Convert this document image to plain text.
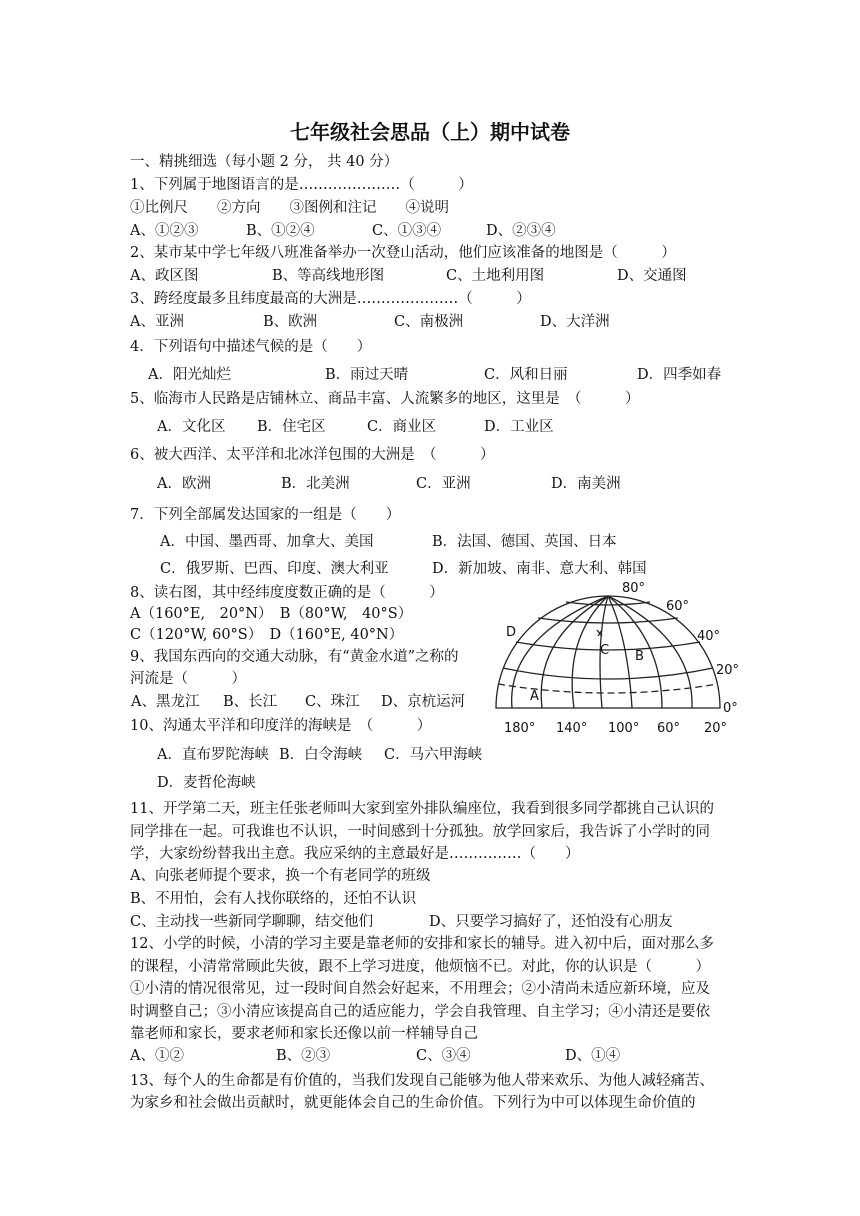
七年级社会思品（上）期中试卷
一、精挑细选（每小题 2 分， 共 40 分）
1、下列属于地图语言的是…………………（　　　）
①比例尺　　②方向　　③图例和注记　　④说明
A、①②③	B、①②④	C、①③④	D、②③④
2、某市某中学七年级八班准备举办一次登山活动，他们应该准备的地图是（　　　）
A、政区图	B、等高线地形图	C、土地利用图	D、交通图
3、跨经度最多且纬度最高的大洲是…………………（　　　）
A、亚洲	B、欧洲	C、南极洲	D、大洋洲
4．下列语句中描述气候的是（　　）
A．阳光灿烂	B．雨过天晴	C．风和日丽	D．四季如春
5、临海市人民路是店铺林立、商品丰富、人流繁多的地区，这里是　（　　　）
A．文化区 B．住宅区	C．商业区	D．工业区
6、被大西洋、太平洋和北冰洋包围的大洲是　（　　　）
A．欧洲	B．北美洲	C．亚洲	D．南美洲
7．下列全部属发达国家的一组是（　　）
A．中国、墨西哥、加拿大、美国	B．法国、德国、英国、日本
C．俄罗斯、巴西、印度、澳大利亚	D．新加坡、南非、意大利、韩国
8、读右图，其中经纬度度数正确的是（　　　）
A（160°E,　20°N）　B（80°W,　40°S）
C（120°W, 60°S）　D（160°E, 40°N）
9、我国东西向的交通大动脉，有“黄金水道”之称的
河流是（　　　）
A、黑龙江 B、长江 C、珠江 D、京杭运河
10、沟通太平洋和印度洋的海峡是　（　　　）
A．直布罗陀海峡 B．白令海峡 C．马六甲海峡
D．麦哲伦海峡
11、开学第二天，班主任张老师叫大家到室外排队编座位，我看到很多同学都挑自己认识的
同学排在一起。可我谁也不认识，一时间感到十分孤独。放学回家后，我告诉了小学时的同
学，大家纷纷替我出主意。我应采纳的主意最好是……………（　　）
A、向张老师提个要求，换一个有老同学的班级
B、不用怕，会有人找你联络的，还怕不认识
C、主动找一些新同学聊聊，结交他们	D、只要学习搞好了，还怕没有心朋友
12、小学的时候，小清的学习主要是靠老师的安排和家长的辅导。进入初中后，面对那么多
的课程，小清常常顾此失彼，跟不上学习进度，他烦恼不已。对此，你的认识是（　　　）
①小清的情况很常见，过一段时间自然会好起来，不用理会；②小清尚未适应新环境，应及
时调整自己；③小清应该提高自己的适应能力，学会自我管理、自主学习；④小清还是要依
靠老师和家长，要求老师和家长还像以前一样辅导自己
A、①②	B、②③	C、③④	D、①④
13、每个人的生命都是有价值的，当我们发现自己能够为他人带来欢乐、为他人减轻痛苦、
为家乡和社会做出贡献时，就更能体会自己的生命价值。下列行为中可以体现生命价值的
D
C B
A
80°
60°
40°
20°
0°
180° 140° 100° 60° 20°
